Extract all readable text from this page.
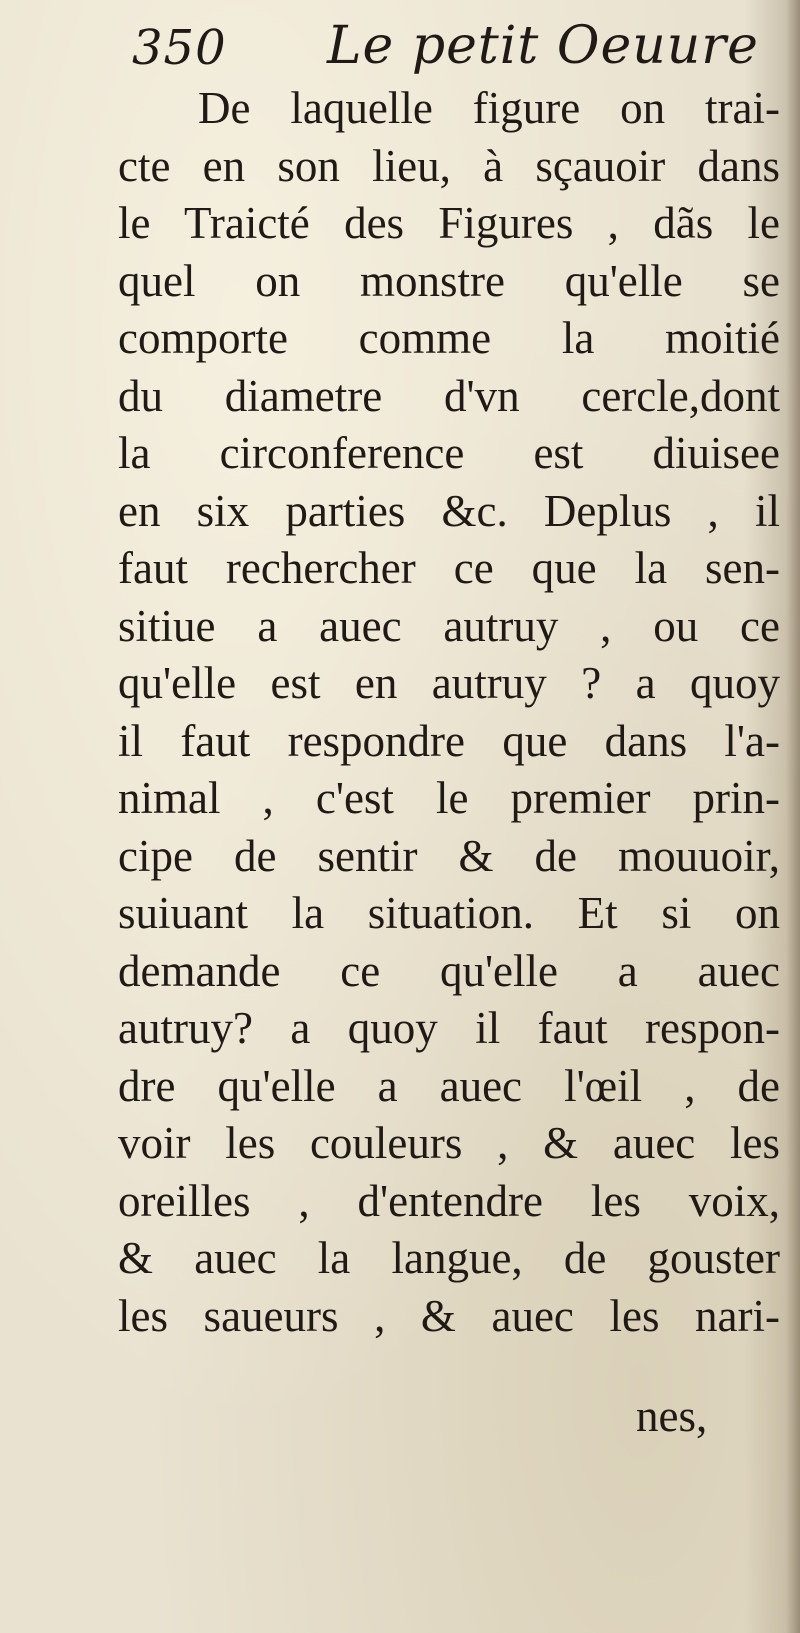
350 Le petit Oeuure
De laquelle figure on trai-
cte en son lieu, à sçauoir dans
le Traicté des Figures , dãs le
quel on monstre qu'elle se
comporte comme la moitié
du diametre d'vn cercle,dont
la circonference est diuisee
en six parties &c. Deplus , il
faut rechercher ce que la sen-
sitiue a auec autruy , ou ce
qu'elle est en autruy ? a quoy
il faut respondre que dans l'a-
nimal , c'est le premier prin-
cipe de sentir & de mouuoir,
suiuant la situation. Et si on
demande ce qu'elle a auec
autruy? a quoy il faut respon-
dre qu'elle a auec l'œil , de
voir les couleurs , & auec les
oreilles , d'entendre les voix,
& auec la langue, de gouster
les saueurs , & auec les nari-
nes,
